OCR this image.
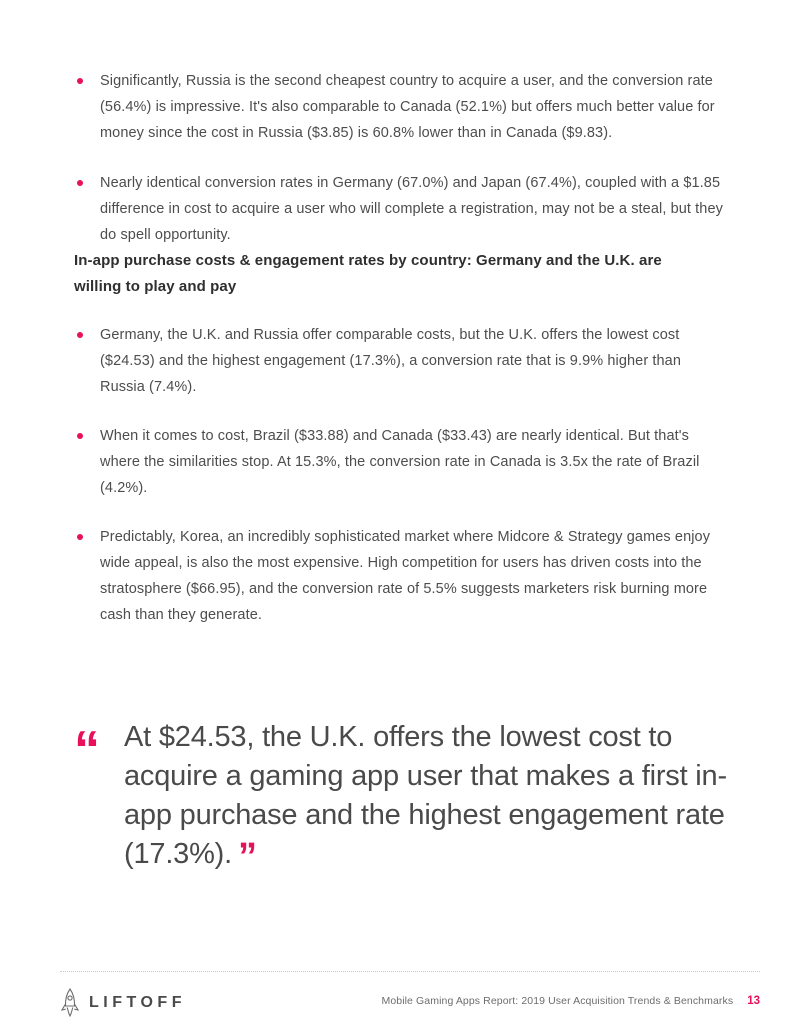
Significantly, Russia is the second cheapest country to acquire a user, and the conversion rate (56.4%) is impressive. It's also comparable to Canada (52.1%) but offers much better value for money since the cost in Russia ($3.85) is 60.8% lower than in Canada ($9.83).
Nearly identical conversion rates in Germany (67.0%) and Japan (67.4%), coupled with a $1.85 difference in cost to acquire a user who will complete a registration, may not be a steal, but they do spell opportunity.
In-app purchase costs & engagement rates by country: Germany and the U.K. are willing to play and pay
Germany, the U.K. and Russia offer comparable costs, but the U.K. offers the lowest cost ($24.53) and the highest engagement (17.3%), a conversion rate that is 9.9% higher than Russia (7.4%).
When it comes to cost, Brazil ($33.88) and Canada ($33.43) are nearly identical. But that's where the similarities stop. At 15.3%, the conversion rate in Canada is 3.5x the rate of Brazil (4.2%).
Predictably, Korea, an incredibly sophisticated market where Midcore & Strategy games enjoy wide appeal, is also the most expensive. High competition for users has driven costs into the stratosphere ($66.95), and the conversion rate of 5.5% suggests marketers risk burning more cash than they generate.
“ At $24.53, the U.K. offers the lowest cost to acquire a gaming app user that makes a first in-app purchase and the highest engagement rate (17.3%). ”
LIFTOFF	Mobile Gaming Apps Report: 2019 User Acquisition Trends & Benchmarks 13
